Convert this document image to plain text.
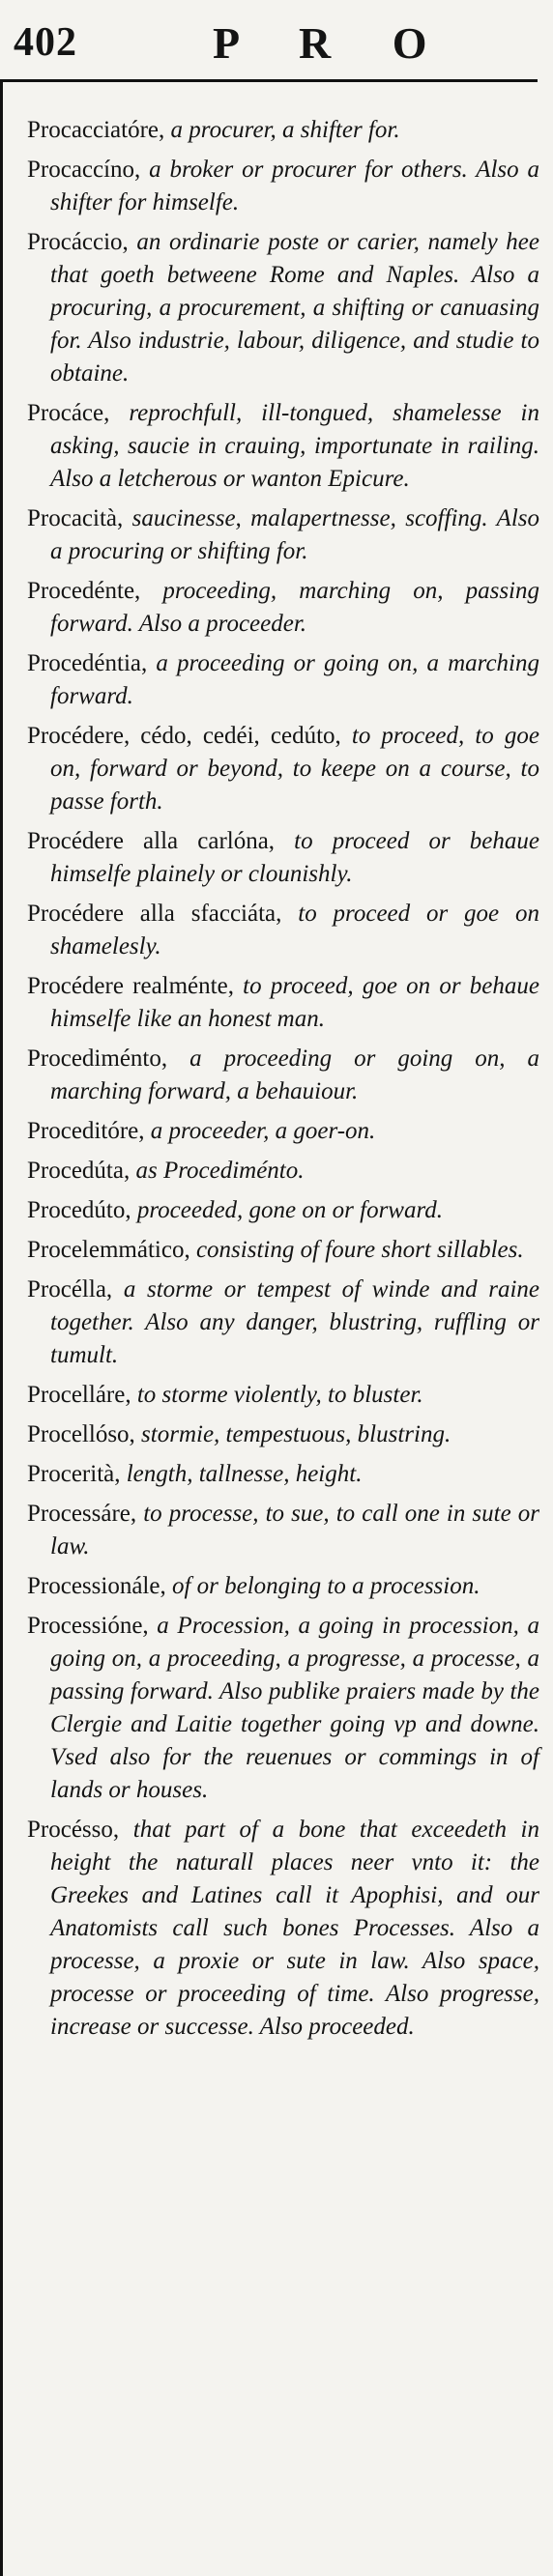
402	P R O

Procacciatóre, a procurer, a shifter for.

Procaccíno, a broker or procurer for others. Also a shifter for himselfe.

Procáccio, an ordinarie poste or carier, namely hee that goeth betweene Rome and Naples. Also a procuring, a procurement, a shifting or canuasing for. Also industrie, labour, diligence, and studie to obtaine.

Procáce, reprochfull, ill-tongued, shamelesse in asking, saucie in crauing, importunate in railing. Also a letcherous or wanton Epicure.

Procacità, saucinesse, malapertnesse, scoffing. Also a procuring or shifting for.

Procedénte, proceeding, marching on, passing forward. Also a proceeder.

Procedéntia, a proceeding or going on, a marching forward.

Procédere, cédo, cedéi, cedúto, to proceed, to goe on, forward or beyond, to keepe on a course, to passe forth.

Procédere alla carlóna, to proceed or behaue himselfe plainely or clounishly.

Procédere alla sfacciáta, to proceed or goe on shamelesly.

Procédere realménte, to proceed, goe on or behaue himselfe like an honest man.

Procediménto, a proceeding or going on, a marching forward, a behauiour.

Proceditóre, a proceeder, a goer-on.

Procedúta, as Procediménto.

Procedúto, proceeded, gone on or forward.

Procelemmático, consisting of foure short sillables.

Procélla, a storme or tempest of winde and raine together. Also any danger, blustring, ruffling or tumult.

Procelláre, to storme violently, to bluster.

Procellóso, stormie, tempestuous, blustring.

Procerità, length, tallnesse, height.

Processáre, to processe, to sue, to call one in sute or law.

Processionále, of or belonging to a procession.

Processióne, a Procession, a going in procession, a going on, a proceeding, a progresse, a processe, a passing forward. Also publike praiers made by the Clergie and Laitie together going vp and downe. Vsed also for the reuenues or commings in of lands or houses.

Procésso, that part of a bone that exceedeth in height the naturall places neer vnto it: the Greekes and Latines call it Apophisi, and our Anatomists call such bones Processes. Also a processe, a proxie or sute in law. Also space, processe or proceeding of time. Also progresse, increase or successe. Also proceeded.
